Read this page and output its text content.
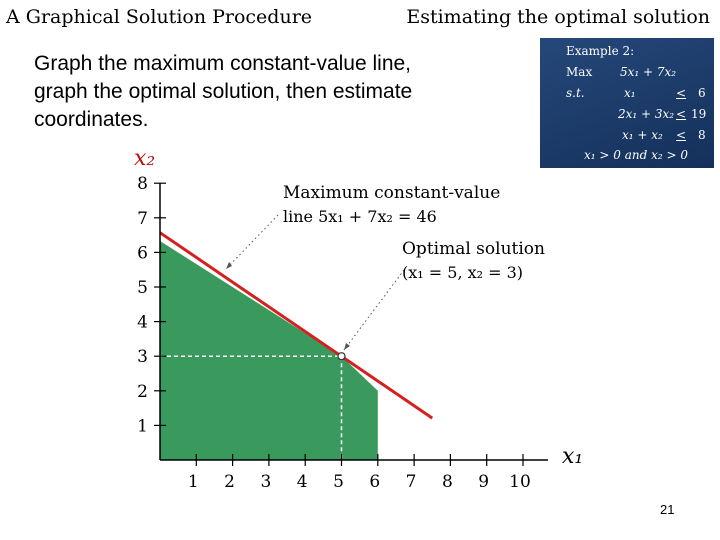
A Graphical Solution Procedure	Estimating the optimal solution
Graph the maximum constant-value line,
graph the optimal solution, then estimate
coordinates.
Example 2:
Max 5x₁ + 7x₂
s.t.	x₁	< 6
2x₁ + 3x₂ < 19
x₁ + x₂ < 8
x₁ > 0 and x₂ > 0
1 2 3 4 5 6 7 8 9 10
1
2
3
4
5
6
7
8
x₂
x₁
Maximum constant-value
line 5x₁ + 7x₂ = 46
Optimal solution
(x₁ = 5, x₂ = 3)
21
